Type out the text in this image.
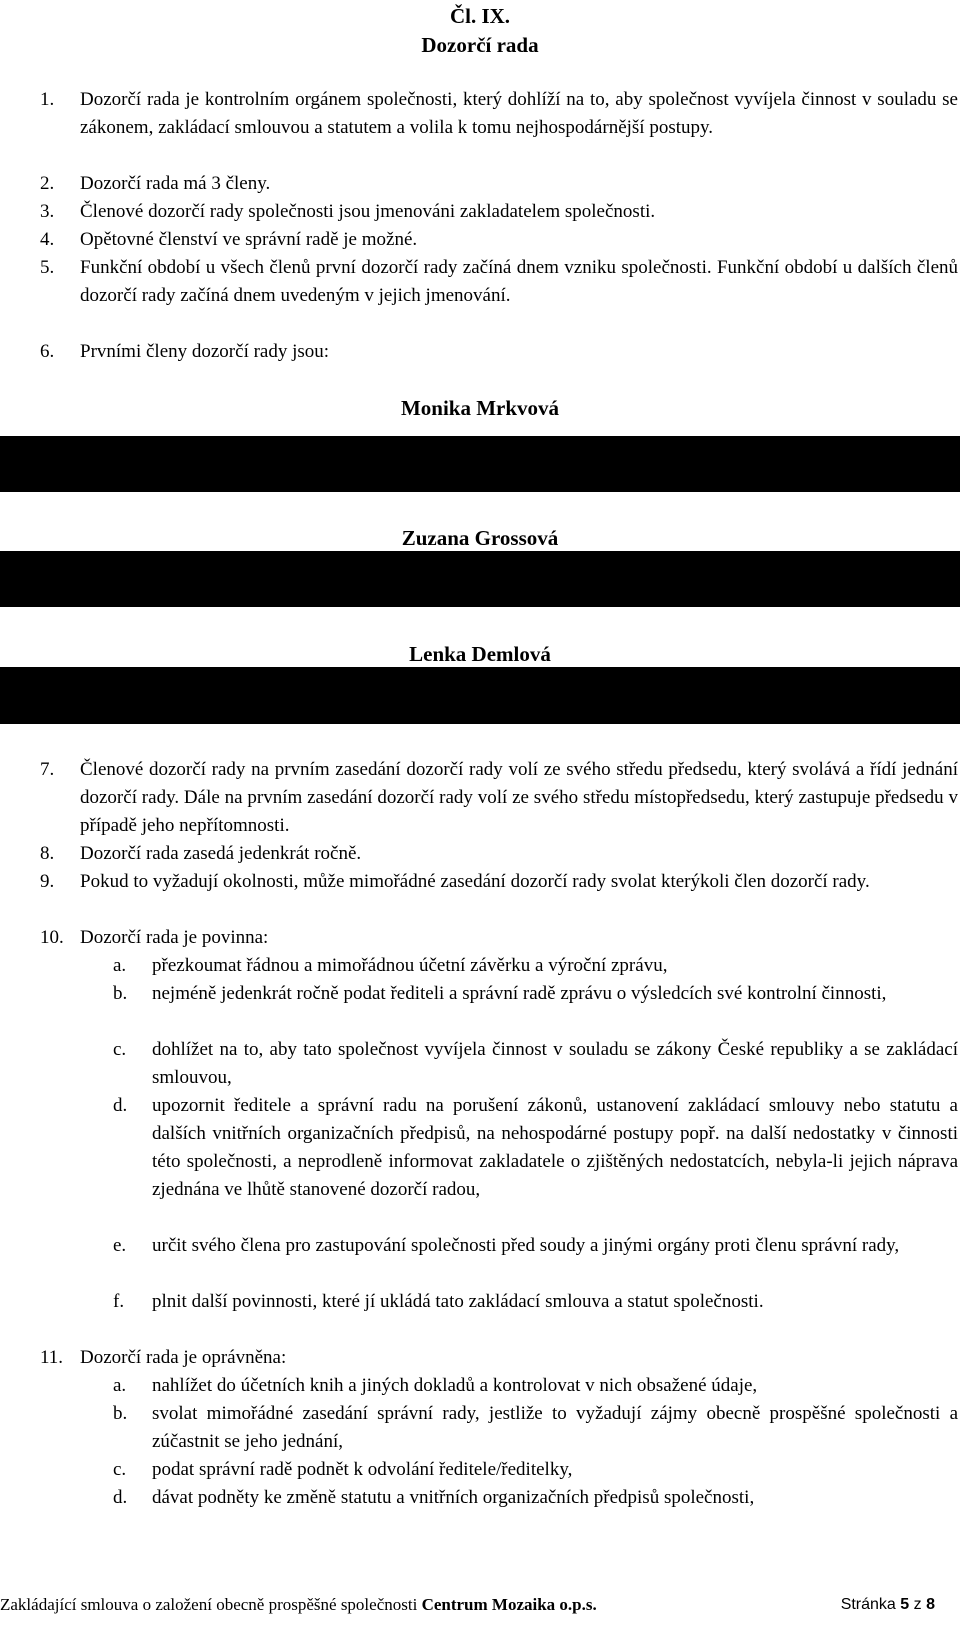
Čl. IX.
Dozorčí rada
1. Dozorčí rada je kontrolním orgánem společnosti, který dohlíží na to, aby společnost vyvíjela činnost v souladu se zákonem, zakládací smlouvou a statutem a volila k tomu nejhospodárnější postupy.
2. Dozorčí rada má 3 členy.
3. Členové dozorčí rady společnosti jsou jmenováni zakladatelem společnosti.
4. Opětovné členství ve správní radě je možné.
5. Funkční období u všech členů první dozorčí rady začíná dnem vzniku společnosti. Funkční období u dalších členů dozorčí rady začíná dnem uvedeným v jejich jmenování.
6. Prvními členy dozorčí rady jsou:
Monika Mrkvová
Zuzana Grossová
Lenka Demlová
7. Členové dozorčí rady na prvním zasedání dozorčí rady volí ze svého středu předsedu, který svolává a řídí jednání dozorčí rady. Dále na prvním zasedání dozorčí rady volí ze svého středu místopředsedu, který zastupuje předsedu v případě jeho nepřítomnosti.
8. Dozorčí rada zasedá jedenkrát ročně.
9. Pokud to vyžadují okolnosti, může mimořádné zasedání dozorčí rady svolat kterýkoli člen dozorčí rady.
10. Dozorčí rada je povinna:
a. přezkoumat řádnou a mimořádnou účetní závěrku a výroční zprávu,
b. nejméně jedenkrát ročně podat řediteli a správní radě zprávu o výsledcích své kontrolní činnosti,
c. dohlížet na to, aby tato společnost vyvíjela činnost v souladu se zákony České republiky a se zakládací smlouvou,
d. upozornit ředitele a správní radu na porušení zákonů, ustanovení zakládací smlouvy nebo statutu a dalších vnitřních organizačních předpisů, na nehospodárné postupy popř. na další nedostatky v činnosti této společnosti, a neprodleně informovat zakladatele o zjištěných nedostatcích, nebyla-li jejich náprava zjednána ve lhůtě stanovené dozorčí radou,
e. určit svého člena pro zastupování společnosti před soudy a jinými orgány proti členu správní rady,
f. plnit další povinnosti, které jí ukládá tato zakládací smlouva a statut společnosti.
11. Dozorčí rada je oprávněna:
a. nahlížet do účetních knih a jiných dokladů a kontrolovat v nich obsažené údaje,
b. svolat mimořádné zasedání správní rady, jestliže to vyžadují zájmy obecně prospěšné společnosti a zúčastnit se jeho jednání,
c. podat správní radě podnět k odvolání ředitele/ředitelky,
d. dávat podněty ke změně statutu a vnitřních organizačních předpisů společnosti,
Zakládající smlouva o založení obecně prospěšné společnosti Centrum Mozaika o.p.s.	Stránka 5 z 8
